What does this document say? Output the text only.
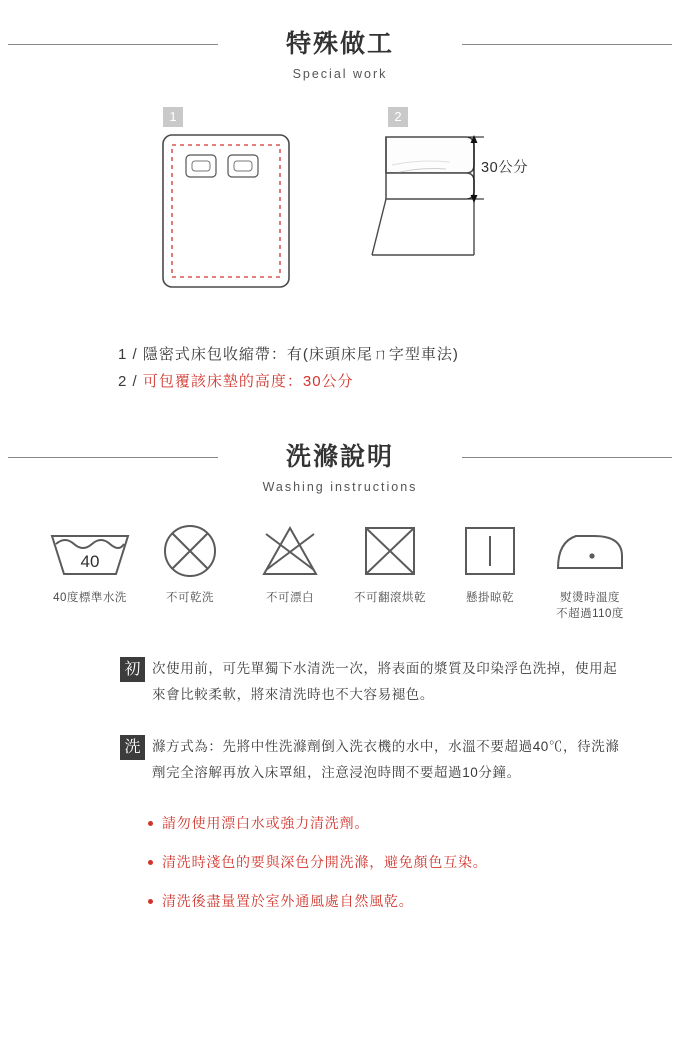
特殊做工
Special work
1	2
30公分
1 / 隱密式床包收縮帶：有(床頭床尾ㄇ字型車法)
2 / 可包覆該床墊的高度：30公分
洗滌說明
Washing instructions
40
40度標準水洗	不可乾洗	不可漂白	不可翻滾烘乾	懸掛晾乾	熨燙時溫度
不超過110度
初 次使用前，可先單獨下水清洗一次，將表面的漿質及印染浮色洗掉，使用起來會比較柔軟，將來清洗時也不大容易褪色。
洗 滌方式為：先將中性洗滌劑倒入洗衣機的水中，水溫不要超過40℃，待洗滌劑完全溶解再放入床罩組，注意浸泡時間不要超過10分鐘。
請勿使用漂白水或強力清洗劑。
清洗時淺色的要與深色分開洗滌，避免顏色互染。
清洗後盡量置於室外通風處自然風乾。
